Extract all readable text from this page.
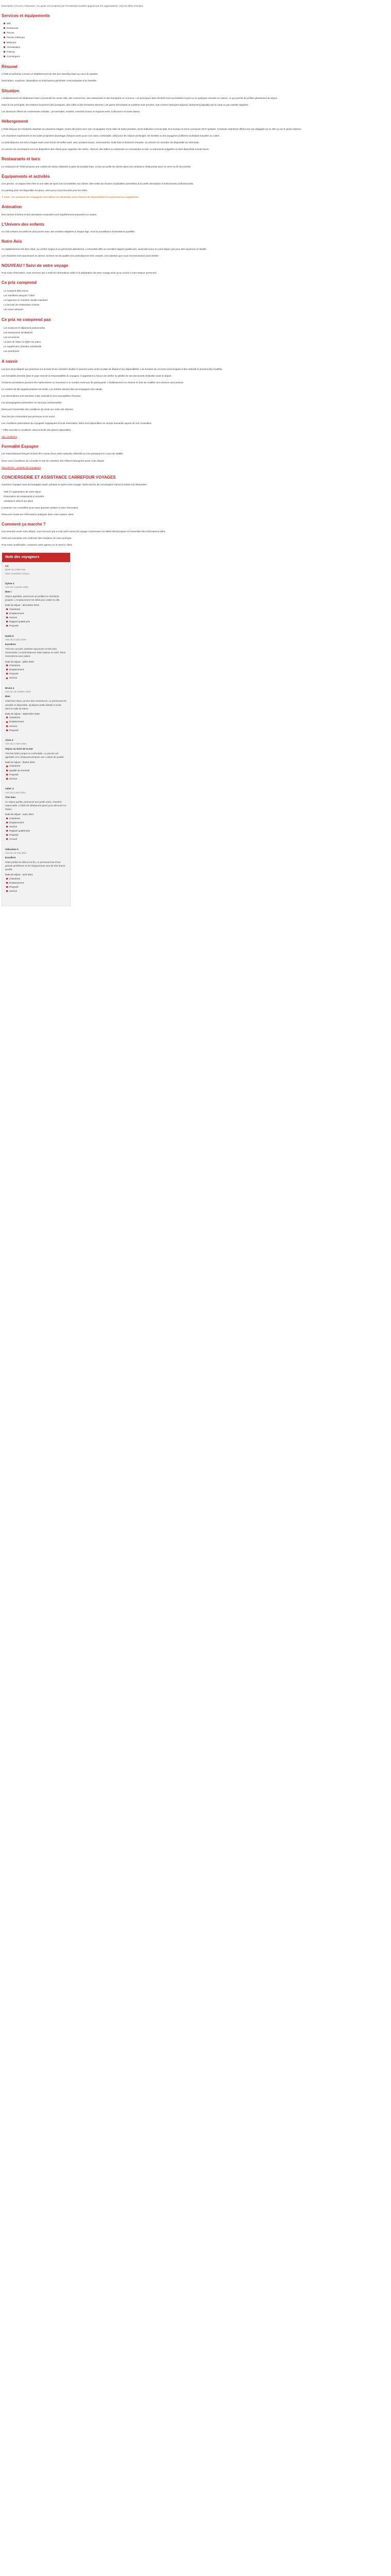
Description à la une composant : Ce guide est composé par Formation/Conseiller gagnés par les organisations. Voir les offres d'emploi.

Services et équipements
Wifi
Restaurant
Piscine
Piscine intérieure
Bâtiment
Climatisation
Parking
Conciergerie
Résumé

L'hôtel se présente comme un établissement de très bon standing situé au cœur du quartier.

Description, ouverture, dispositions et informations générales communiquées à la clientèle.

Situation

L'établissement est idéalement situé à proximité du centre-ville, des commerces, des restaurants et des transports en commun. Les principaux sites d'intérêt sont accessibles à pied ou en quelques minutes en voiture, ce qui permet de profiter pleinement du séjour.

Dans la rue principale, les visiteurs trouveront des boutiques, des cafés et des terrasses animées. Les gares ferroviaires et routières sont proches, tout comme l'aéroport régional, facilement joignable par la route ou par navette régulière.

Les alentours offrent de nombreuses activités : promenades, musées, marchés locaux et espaces verts, à découvrir en toute saison.

Hébergement

L'hôtel dispose de chambres réparties sur plusieurs étages, toutes décorées avec soin et équipées d'une salle de bains privative, d'une télévision à écran plat, d'un bureau et d'une connexion Wi-Fi gratuite. Certaines chambres offrent une vue dégagée sur la ville ou sur le jardin intérieur.

Les chambres supérieures et les suites proposent davantage d'espace ainsi qu'un coin salon confortable, idéal pour les séjours prolongés, les familles ou les voyageurs d'affaires souhaitant travailler au calme.

Le petit-déjeuner est servi chaque matin sous forme de buffet varié, avec produits locaux, viennoiseries, fruits frais et boissons chaudes. Un service en chambre est disponible sur demande.

Un service de conciergerie est à la disposition des clients pour organiser les visites, réserver des tables au restaurant ou commander un taxi. Le personnel polyglotte se tient disponible à toute heure.

Restaurants et bars

Le restaurant de l'hôtel propose une cuisine de saison élaborée à partir de produits frais. Le bar accueille les clients dans une ambiance chaleureuse pour un verre en fin de journée.

Équipements et activités

Une piscine, un espace bien-être et une salle de sport sont accessibles aux clients. Des salles de réunion modulables permettent d'accueillir séminaires et événements professionnels.

Un parking privé est disponible sur place, ainsi qu'un local sécurisé pour les vélos.

À noter : les animaux de compagnie sont admis sur demande, sous réserve de disponibilité et moyennant un supplément.

Animation

Des soirées à thème et des animations musicales sont régulièrement proposées en saison.

L'Univers des enfants

Un club enfants accueille les plus jeunes avec des activités adaptées à chaque âge, sous la surveillance d'animateurs qualifiés.

Notre Avis

Un établissement très bien situé, au confort soigné et au personnel attentionné. L'ensemble offre un excellent rapport qualité-prix, aussi bien pour un court séjour que pour des vacances en famille.

Les chambres sont spacieuses et calmes, la literie est de qualité et le petit-déjeuner très complet. Une adresse que nous recommandons sans hésiter.

NOUVEAU ! Suivi de votre voyage

Pour toute réservation, vous recevrez par e-mail les informations utiles à la préparation de votre voyage ainsi qu'un accès à votre espace personnel.

Ce prix comprend
Le transport aller-retour
Les transferts aéroport / hôtel
Le logement en chambre double standard
La formule de restauration choisie
Les taxes aéroport
Ce prix ne comprend pas
Les boissons et dépenses personnelles
Les assurances facultatives
Les excursions
La taxe de séjour à régler sur place
Le supplément chambre individuelle
Les pourboires
A savoir

Les prix sont indiqués par personne sur la base d'une chambre double et peuvent varier selon la date de départ et les disponibilités. Les horaires de vol sont communiqués à titre indicatif et peuvent être modifiés.

Les formalités d'entrée dans le pays sont de la responsabilité du voyageur. Il appartient à chacun de vérifier la validité de ses documents d'identité avant le départ.

Certaines prestations peuvent être saisonnières ou soumises à un nombre minimum de participants. L'établissement se réserve le droit de modifier ses services sans préavis.

Le nombre de lits supplémentaires est limité. Les enfants doivent être accompagnés d'un adulte.

Les informations sont données à titre indicatif et sont susceptibles d'évoluer.

Les photographies présentées ne sont pas contractuelles.

Retrouvez l'ensemble des conditions de vente sur notre site internet.

Tous les prix s'entendent par personne et en euros.

Les conditions particulières du voyagiste s'appliquent à toute réservation. Elles sont disponibles sur simple demande auprès de nos conseillers.

* Offre soumise à conditions, dans la limite des places disponibles.

Voir conditions

Formalité Espagne

Les ressortissants français doivent être munis d'une carte nationale d'identité ou d'un passeport en cours de validité.

Nous vous conseillons de consulter le site du ministère des Affaires étrangères avant votre départ.

Site internet : conseils aux voyageurs

CONCIERGERIE ET ASSISTANCE CARREFOUR VOYAGES

Carrefour Voyages vous accompagne avant, pendant et après votre voyage. Notre service de conciergerie répond à toutes vos demandes :

Aide à l'organisation de votre séjour
Réservation de restaurants et activités
Assistance 24h/24 sur place

Contactez nos conseillers pour toute question relative à votre réservation.

Retrouvez toutes les informations pratiques dans votre espace client.

Comment ça marche ?

Une semaine avant votre départ, vous recevrez par e-mail votre carnet de voyage comprenant vos billets électroniques et l'ensemble des informations utiles.

Votre pré-inscription est confirmée dès réception de votre acompte.

Pour toute modification, contactez votre agence ou le service client.

Note des voyageurs
4,5
Basé sur 1088 Avis
2021 Travellers Choice
Sylvie 4
Avis du 1 janvier 2020
Bien !
Séjour agréable, personnel accueillant et chambres propres. L'emplacement est idéal pour visiter la ville.
Date du séjour : décembre 2019
Chambres
Emplacement
Service
Rapport qualité-prix
Propreté
Nadia 5
Avis du 8 août 2020
Excellent
Très bon accueil, chambre spacieuse et très bien insonorisée. Le petit-déjeuner était copieux et varié. Nous reviendrons avec plaisir.
Date du séjour : juillet 2020
Chambres
Emplacement
Propreté
Service
Bruno 4
Avis du 18 octobre 2020
Bien
Hôtel bien situé, proche des commerces. Le personnel est aimable et disponible. Quelques petits détails à revoir dans la salle de bains.
Date du séjour : septembre 2020
Chambres
Emplacement
Service
Propreté
Anne 4
Avis du 2 mars 2021
Séjour au bord de la mer
Très bel hôtel, propre et confortable. La piscine est agréable et le restaurant propose une cuisine de qualité.
Date du séjour : février 2021
Chambres
Qualité du sommeil
Propreté
Service
sabel_4
Avis du 8 avril 2021
Très bien
Un séjour parfait, personnel aux petits soins, chambre impeccable. L'hôtel est idéalement placé pour découvrir la région.
Date du séjour : mars 2021
Chambres
Emplacement
Service
Rapport qualité-prix
Propreté
Accueil
Sébastien 5
Avis du 24 mai 2021
Excellent
Hôtel parfait du début à la fin. Le personnel est d'une grande gentillesse et les équipements sont de très bonne qualité.
Date du séjour : avril 2021
Chambres
Emplacement
Propreté
Service
